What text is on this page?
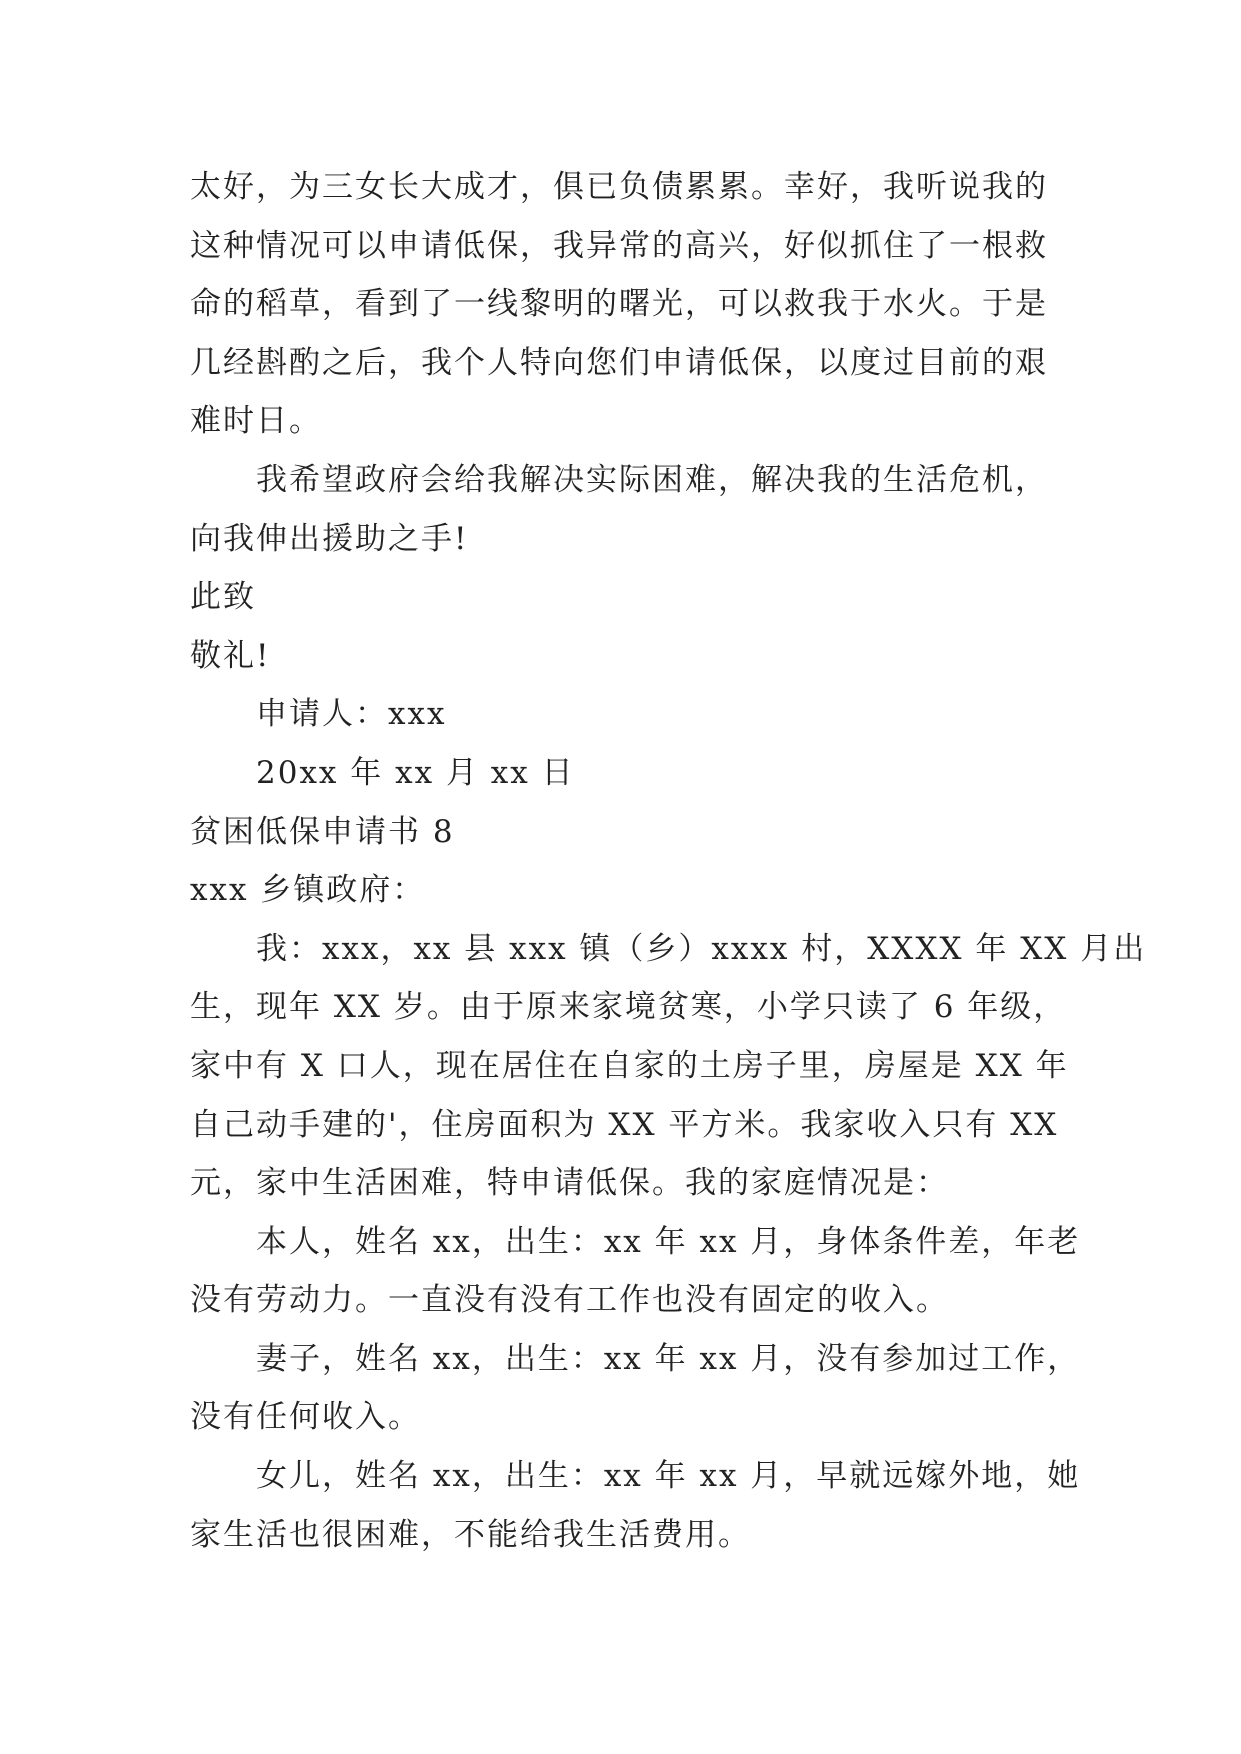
太好，为三女长大成才，俱已负债累累。幸好，我听说我的
这种情况可以申请低保，我异常的高兴，好似抓住了一根救
命的稻草，看到了一线黎明的曙光，可以救我于水火。于是
几经斟酌之后，我个人特向您们申请低保，以度过目前的艰
难时日。
我希望政府会给我解决实际困难，解决我的生活危机，
向我伸出援助之手!
此致
敬礼!
申请人：xxx
20xx 年 xx 月 xx 日
贫困低保申请书 8
xxx 乡镇政府：
我：xxx，xx 县 xxx 镇（乡）xxxx 村，XXXX 年 XX 月出
生，现年 XX 岁。由于原来家境贫寒，小学只读了 6 年级，
家中有 X 口人，现在居住在自家的土房子里，房屋是 XX 年
自己动手建的'，住房面积为 XX 平方米。我家收入只有 XX
元，家中生活困难，特申请低保。我的家庭情况是：
本人，姓名 xx，出生：xx 年 xx 月，身体条件差，年老
没有劳动力。一直没有没有工作也没有固定的收入。
妻子，姓名 xx，出生：xx 年 xx 月，没有参加过工作，
没有任何收入。
女儿，姓名 xx，出生：xx 年 xx 月，早就远嫁外地，她
家生活也很困难，不能给我生活费用。
